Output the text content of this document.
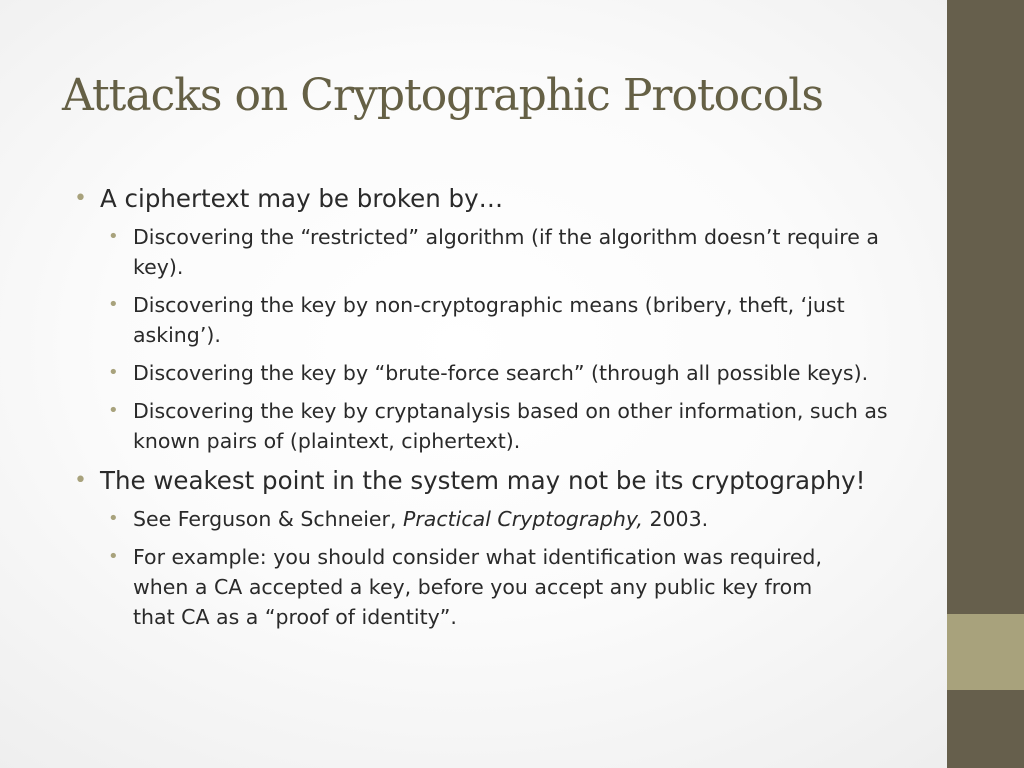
Attacks on Cryptographic Protocols
• A ciphertext may be broken by…
• Discovering the “restricted” algorithm (if the algorithm doesn’t require a key).
• Discovering the key by non-cryptographic means (bribery, theft, ‘just asking’).
• Discovering the key by “brute-force search” (through all possible keys).
• Discovering the key by cryptanalysis based on other information, such as known pairs of (plaintext, ciphertext).
• The weakest point in the system may not be its cryptography!
• See Ferguson & Schneier, Practical Cryptography, 2003.
• For example: you should consider what identification was required, when a CA accepted a key, before you accept any public key from that CA as a “proof of identity”.
